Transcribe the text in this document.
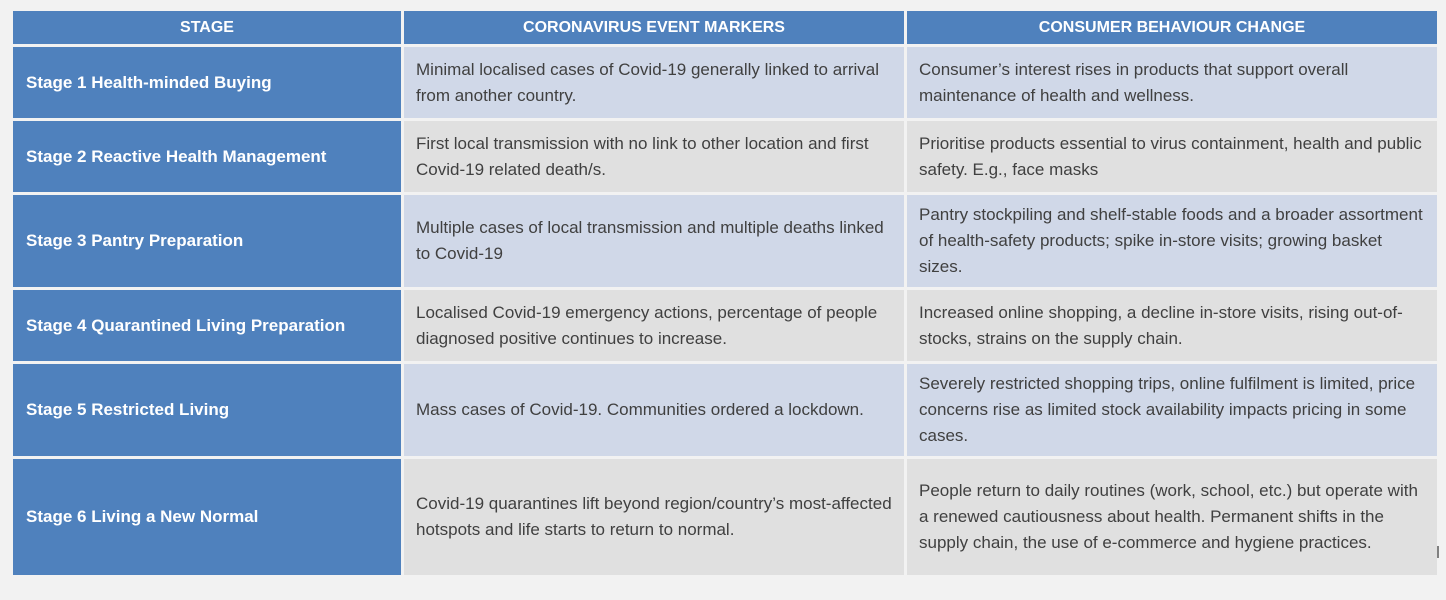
STAGE	CORONAVIRUS EVENT MARKERS	CONSUMER BEHAVIOUR CHANGE
Stage 1 Health-minded Buying	Minimal localised cases of Covid-19 generally linked to arrival from another country.	Consumer’s interest rises in products that support overall maintenance of health and wellness.
Stage 2 Reactive Health Management	First local transmission with no link to other location and first Covid-19 related death/s.	Prioritise products essential to virus containment, health and public safety. E.g., face masks
Stage 3 Pantry Preparation	Multiple cases of local transmission and multiple deaths linked to Covid-19	Pantry stockpiling and shelf-stable foods and a broader assortment of health-safety products; spike in-store visits; growing basket sizes.
Stage 4 Quarantined Living Preparation	Localised Covid-19 emergency actions, percentage of people diagnosed positive continues to increase.	Increased online shopping, a decline in-store visits, rising out-of-stocks, strains on the supply chain.
Stage 5 Restricted Living	Mass cases of Covid-19. Communities ordered a lockdown.	Severely restricted shopping trips, online fulfilment is limited, price concerns rise as limited stock availability impacts pricing in some cases.
Stage 6 Living a New Normal	Covid-19 quarantines lift beyond region/country’s most-affected hotspots and life starts to return to normal.	People return to daily routines (work, school, etc.) but operate with a renewed cautiousness about health. Permanent shifts in the supply chain, the use of e-commerce and hygiene practices.
